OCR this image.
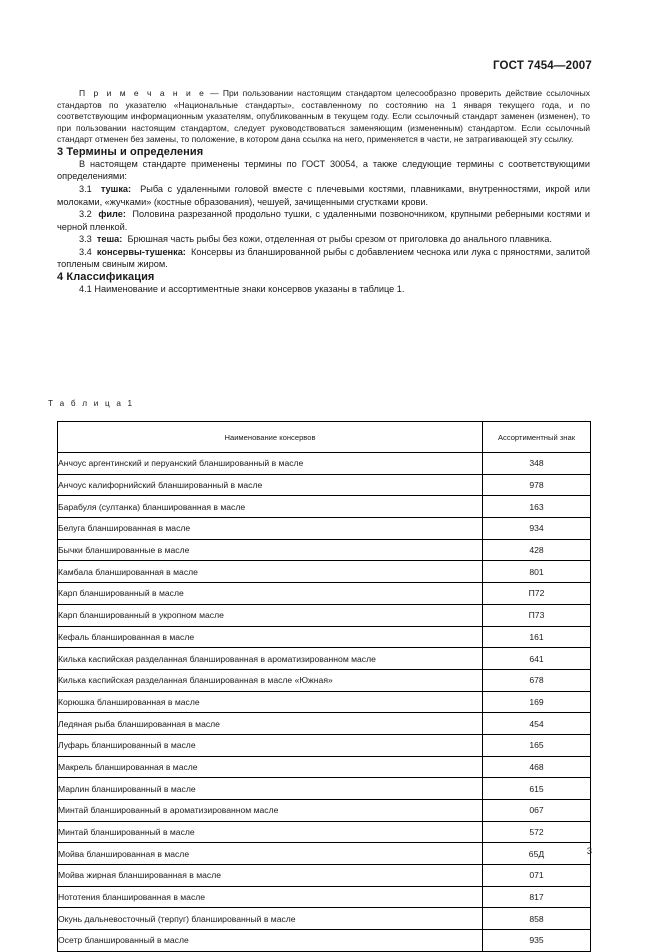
ГОСТ 7454—2007

П р и м е ч а н и е — При пользовании настоящим стандартом целесообразно проверить действие ссылочных стандартов по указателю «Национальные стандарты», составленному по состоянию на 1 января текущего года, и по соответствующим информационным указателям, опубликованным в текущем году. Если ссылочный стандарт заменен (изменен), то при пользовании настоящим стандартом, следует руководствоваться заменяющим (измененным) стандартом. Если ссылочный стандарт отменен без замены, то положение, в котором дана ссылка на него, применяется в части, не затрагивающей эту ссылку.

3 Термины и определения

В настоящем стандарте применены термины по ГОСТ 30054, а также следующие термины с соответствующими определениями:

3.1 тушка: Рыба с удаленными головой вместе с плечевыми костями, плавниками, внутренностями, икрой или молоками, «жучками» (костные образования), чешуей, зачищенными сгустками крови.

3.2 филе: Половина разрезанной продольно тушки, с удаленными позвоночником, крупными реберными костями и черной пленкой.

3.3 теша: Брюшная часть рыбы без кожи, отделенная от рыбы срезом от приголовка до анального плавника.

3.4 консервы-тушенка: Консервы из бланшированной рыбы с добавлением чеснока или лука с пряностями, залитой топленым свиным жиром.

4 Классификация

4.1 Наименование и ассортиментные знаки консервов указаны в таблице 1.

Т а б л и ц а 1
Наименование консервов	Ассортиментный знак
Анчоус аргентинский и перуанский бланшированный в масле	348
Анчоус калифорнийский бланшированный в масле	978
Барабуля (султанка) бланшированная в масле	163
Белуга бланшированная в масле	934
Бычки бланшированные в масле	428
Камбала бланшированная в масле	801
Карп бланшированный в масле	П72
Карп бланшированный в укропном масле	П73
Кефаль бланшированная в масле	161
Килька каспийская разделанная бланшированная в ароматизированном масле	641
Килька каспийская разделанная бланшированная в масле «Южная»	678
Корюшка бланшированная в масле	169
Ледяная рыба бланшированная в масле	454
Луфарь бланшированный в масле	165
Макрель бланшированная в масле	468
Марлин бланшированный в масле	615
Минтай бланшированный в ароматизированном масле	067
Минтай бланшированный в масле	572
Мойва бланшированная в масле	65Д
Мойва жирная бланшированная в масле	071
Нототения бланшированная в масле	817
Окунь дальневосточный (терпуг) бланшированный в масле	858
Осетр бланшированный в масле	935
3
